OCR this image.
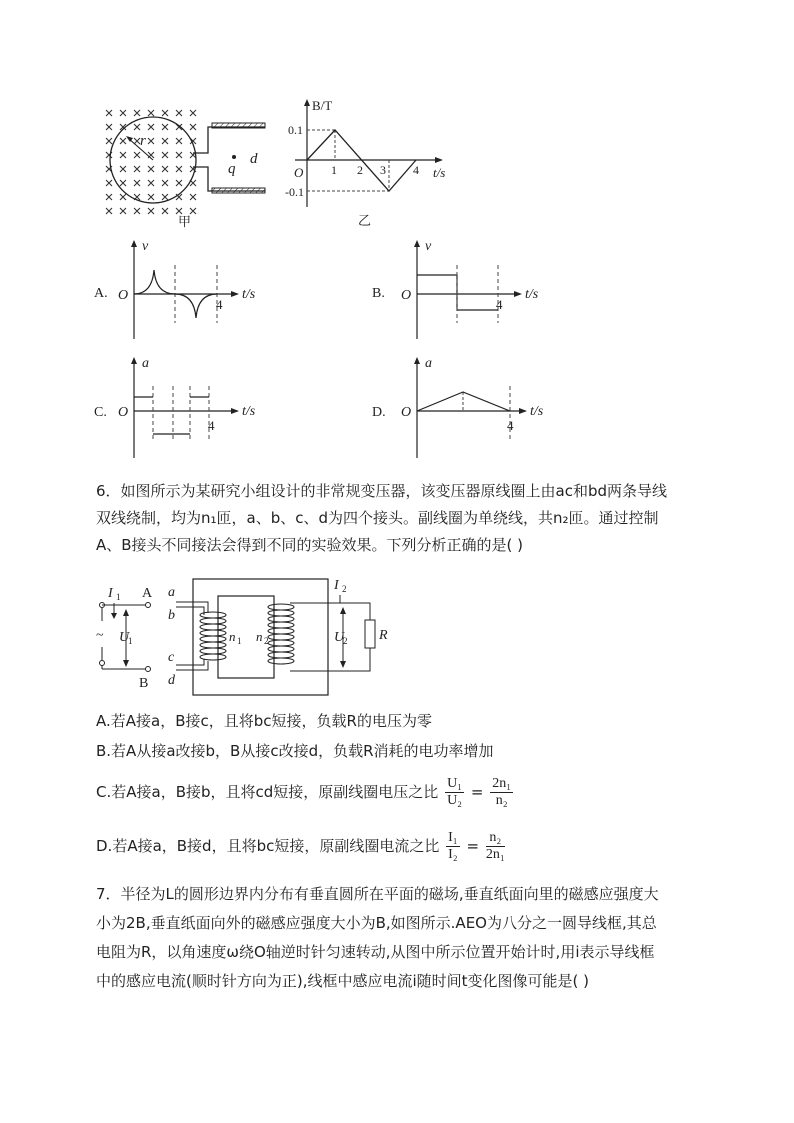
r
q
d
甲
B/T
t/s
O
0.1
-0.1
1 2 3 4
乙
A.
v
t/s
O
4
B.
v
t/s
O
4
C.
a
t/s
O
4
D.
a
t/s
O
4
6．如图所示为某研究小组设计的非常规变压器，该变压器原线圈上由ac和bd两条导线
双线绕制，均为n₁匝，a、b、c、d为四个接头。副线圈为单绕线，共n₂匝。通过控制
A、B接头不同接法会得到不同的实验效果。下列分析正确的是( )
I 1 A
B
~ U
1
a
b
c
d
n 1 n 2	R
I 2
U
2
A.若A接a，B接c，且将bc短接，负载R的电压为零
B.若A从接a改接b，B从接c改接d，负载R消耗的电功率增加
C.若A接a，B接b，且将cd短接，原副线圈电压之比 $\frac{\text{U₁}}{\text{U₂}} = \frac{\text{2n₁}}{\text{n₂}}$
D.若A接a，B接d，且将bc短接，原副线圈电流之比 $\frac{\text{I₁}}{\text{I₂}} = \frac{\text{n₂}}{\text{2n₁}}$
7．半径为L的圆形边界内分布有垂直圆所在平面的磁场,垂直纸面向里的磁感应强度大
小为2B,垂直纸面向外的磁感应强度大小为B,如图所示.AEO为八分之一圆导线框,其总
电阻为R，以角速度ω绕O轴逆时针匀速转动,从图中所示位置开始计时,用i表示导线框
中的感应电流(顺时针方向为正),线框中感应电流i随时间t变化图像可能是( )
